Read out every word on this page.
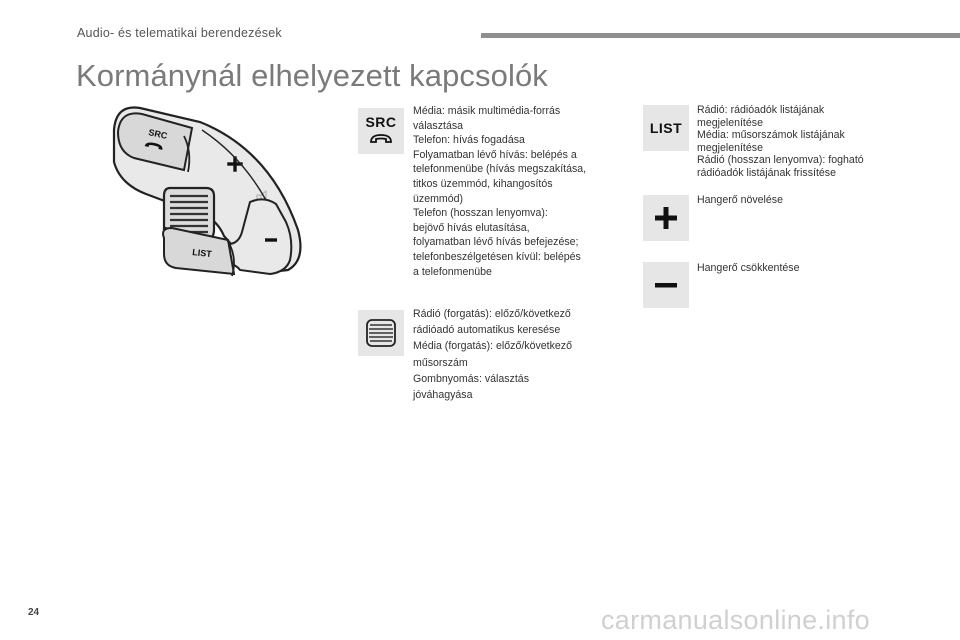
Audio- és telematikai berendezések
Kormánynál elhelyezett kapcsolók
SRC
LIST
SRC
Média: másik multimédia-forrás
választása
Telefon: hívás fogadása
Folyamatban lévő hívás: belépés a
telefonmenübe (hívás megszakítása,
titkos üzemmód, kihangosítós
üzemmód)
Telefon (hosszan lenyomva):
bejövő hívás elutasítása,
folyamatban lévő hívás befejezése;
telefonbeszélgetésen kívül: belépés
a telefonmenübe
Rádió (forgatás): előző/következő
rádióadó automatikus keresése
Média (forgatás): előző/következő
műsorszám
Gombnyomás: választás
jóváhagyása
LIST
Rádió: rádióadók listájának
megjelenítése
Média: műsorszámok listájának
megjelenítése
Rádió (hosszan lenyomva): fogható
rádióadók listájának frissítése
Hangerő növelése
Hangerő csökkentése
24	carmanualsonline.info
